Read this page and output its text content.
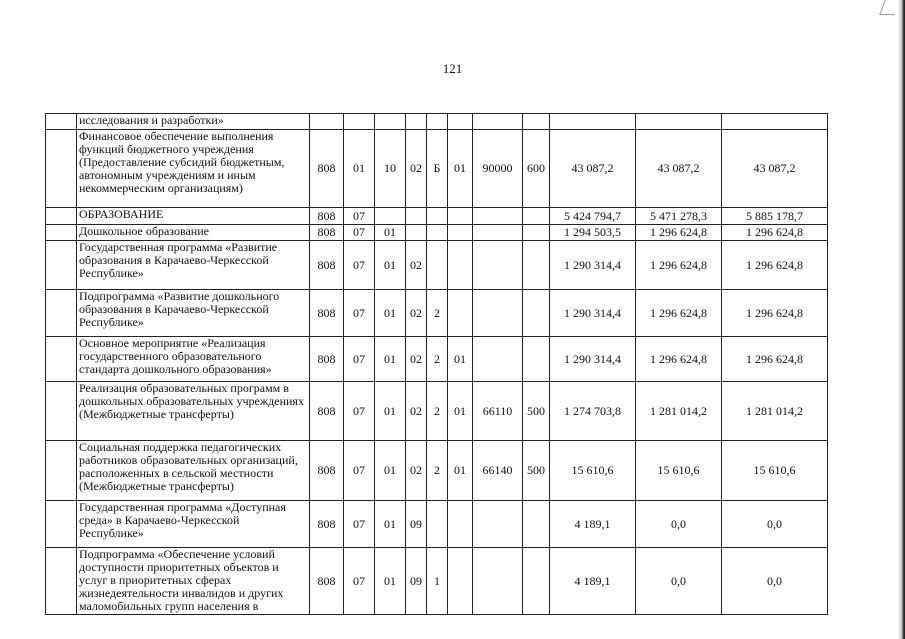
121
	исследования и разработки»											
	Финансовое обеспечение выполнения функций бюджетного учреждения (Предоставление субсидий бюджетным, автономным учреждениям и иным некоммерческим организациям)	808	01	10	02	Б	01	90000	600	43 087,2	43 087,2	43 087,2
	ОБРАЗОВАНИЕ	808	07							5 424 794,7	5 471 278,3	5 885 178,7
	Дошкольное образование	808	07	01						1 294 503,5	1 296 624,8	1 296 624,8
	Государственная программа «Развитие образования в Карачаево-Черкесской Республике»	808	07	01	02					1 290 314,4	1 296 624,8	1 296 624,8
	Подпрограмма «Развитие дошкольного образования в Карачаево-Черкесской Республике»	808	07	01	02	2				1 290 314,4	1 296 624,8	1 296 624,8
	Основное мероприятие «Реализация государственного образовательного стандарта дошкольного образования»	808	07	01	02	2	01			1 290 314,4	1 296 624,8	1 296 624,8
	Реализация образовательных программ в дошкольных образовательных учреждениях (Межбюджетные трансферты)	808	07	01	02	2	01	66110	500	1 274 703,8	1 281 014,2	1 281 014,2
	Социальная поддержка педагогических работников образовательных организаций, расположенных в сельской местности (Межбюджетные трансферты)	808	07	01	02	2	01	66140	500	15 610,6	15 610,6	15 610,6
	Государственная программа «Доступная среда» в Карачаево-Черкесской Республике»	808	07	01	09					4 189,1	0,0	0,0
	Подпрограмма «Обеспечение условий доступности приоритетных объектов и услуг в приоритетных сферах жизнедеятельности инвалидов и других маломобильных групп населения в	808	07	01	09	1				4 189,1	0,0	0,0
